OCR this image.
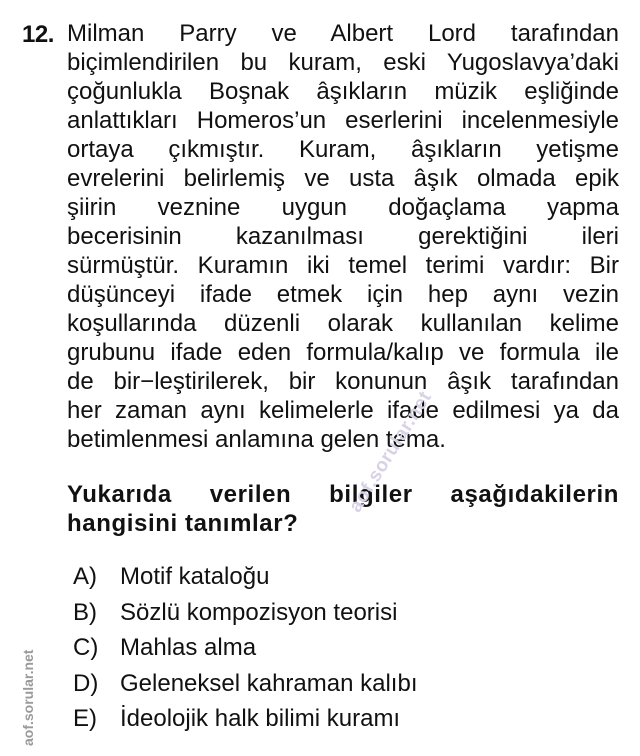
12. Milman Parry ve Albert Lord tarafından
biçimlendirilen bu kuram, eski Yugoslavya’daki
çoğunlukla Boşnak âşıkların müzik eşliğinde
anlattıkları Homeros’un eserlerini incelenmesiyle
ortaya çıkmıştır. Kuram, âşıkların yetişme
evrelerini belirlemiş ve usta âşık olmada epik
şiirin veznine uygun doğaçlama yapma
becerisinin kazanılması gerektiğini ileri
sürmüştür. Kuramın iki temel terimi vardır: Bir
düşünceyi ifade etmek için hep aynı vezin
koşullarında düzenli olarak kullanılan kelime
grubunu ifade eden formula/kalıp ve formula ile
de bir−leştirilerek, bir konunun âşık tarafından
her zaman aynı kelimelerle ifade edilmesi ya da
betimlenmesi anlamına gelen tema.
Yukarıda verilen bilgiler aşağıdakilerin
hangisini tanımlar?
A) Motif kataloğu
B) Sözlü kompozisyon teorisi
C) Mahlas alma
D) Geleneksel kahraman kalıbı
E) İdeolojik halk bilimi kuramı
aof.sorular.net
aof.sorular.net
